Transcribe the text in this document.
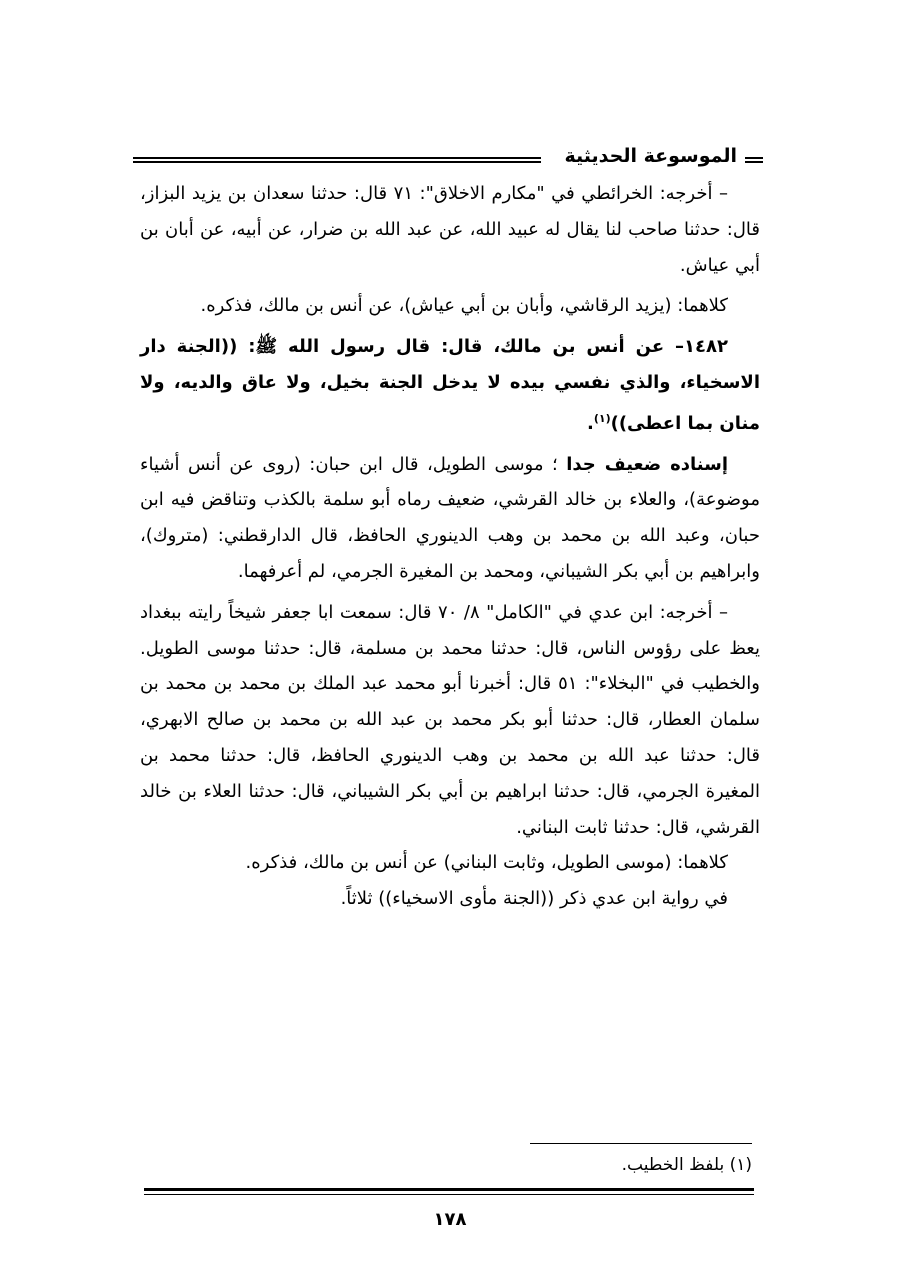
الموسوعة الحديثية

– أخرجه: الخرائطي في "مكارم الاخلاق": ٧١ قال: حدثنا سعدان بن يزيد البزاز، قال: حدثنا صاحب لنا يقال له عبيد الله، عن عبد الله بن ضرار، عن أبيه، عن أبان بن أبي عياش.

كلاهما: (يزيد الرقاشي، وأبان بن أبي عياش)، عن أنس بن مالك، فذكره.

١٤٨٢– عن أنس بن مالك، قال: قال رسول الله ﷺ: ((الجنة دار الاسخياء، والذي نفسي بيده لا يدخل الجنة بخيل، ولا عاق والديه، ولا منان بما اعطى))$^{(١)}$.

إسناده ضعيف جدا ؛ موسى الطويل، قال ابن حبان: (روى عن أنس أشياء موضوعة)، والعلاء بن خالد القرشي، ضعيف رماه أبو سلمة بالكذب وتناقض فيه ابن حبان، وعبد الله بن محمد بن وهب الدينوري الحافظ، قال الدارقطني: (متروك)، وابراهيم بن أبي بكر الشيباني، ومحمد بن المغيرة الجرمي، لم أعرفهما.

– أخرجه: ابن عدي في "الكامل" ٨/ ٧٠ قال: سمعت ابا جعفر شيخاً رايته ببغداد يعظ على رؤوس الناس، قال: حدثنا محمد بن مسلمة، قال: حدثنا موسى الطويل. والخطيب في "البخلاء": ٥١ قال: أخبرنا أبو محمد عبد الملك بن محمد بن محمد بن سلمان العطار، قال: حدثنا أبو بكر محمد بن عبد الله بن محمد بن صالح الابهري، قال: حدثنا عبد الله بن محمد بن وهب الدينوري الحافظ، قال: حدثنا محمد بن المغيرة الجرمي، قال: حدثنا ابراهيم بن أبي بكر الشيباني، قال: حدثنا العلاء بن خالد القرشي، قال: حدثنا ثابت البناني.

كلاهما: (موسى الطويل، وثابت البناني) عن أنس بن مالك، فذكره.

في رواية ابن عدي ذكر ((الجنة مأوى الاسخياء)) ثلاثاً.

(١) بلفظ الخطيب.
١٧٨
